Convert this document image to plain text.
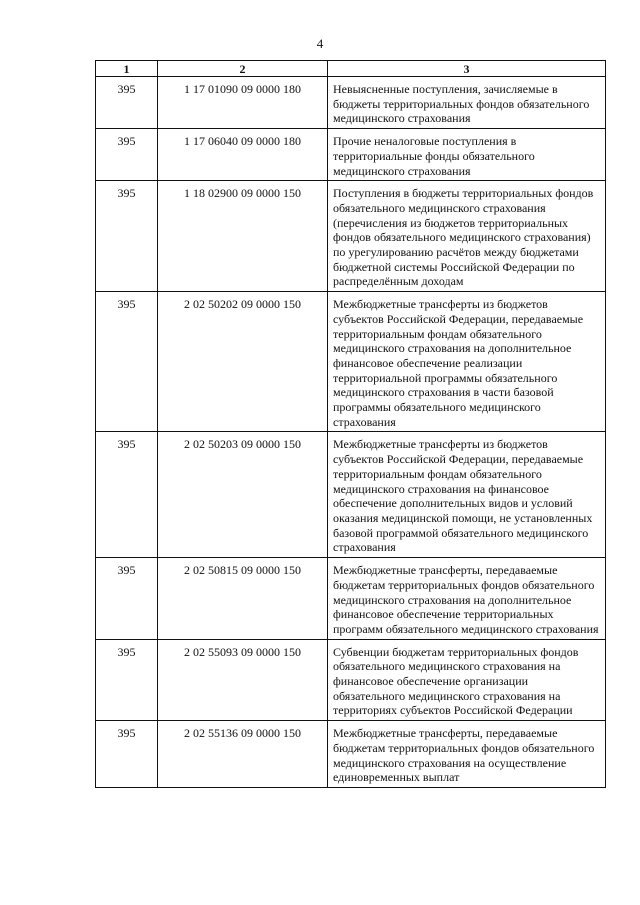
4
1	2	3
395	1 17 01090 09 0000 180	Невыясненные поступления, зачисляемые в бюджеты территориальных фондов обязательного медицинского страхования
395	1 17 06040 09 0000 180	Прочие неналоговые поступления в территориальные фонды обязательного медицинского страхования
395	1 18 02900 09 0000 150	Поступления в бюджеты территориальных фондов обязательного медицинского страхования (перечисления из бюджетов территориальных фондов обязательного медицинского страхования) по урегулированию расчётов между бюджетами бюджетной системы Российской Федерации по распределённым доходам
395	2 02 50202 09 0000 150	Межбюджетные трансферты из бюджетов субъектов Российской Федерации, передаваемые территориальным фондам обязательного медицинского страхования на дополнительное финансовое обеспечение реализации территориальной программы обязательного медицинского страхования в части базовой программы обязательного медицинского страхования
395	2 02 50203 09 0000 150	Межбюджетные трансферты из бюджетов субъектов Российской Федерации, передаваемые территориальным фондам обязательного медицинского страхования на финансовое обеспечение дополнительных видов и условий оказания медицинской помощи, не установленных базовой программой обязательного медицинского страхования
395	2 02 50815 09 0000 150	Межбюджетные трансферты, передаваемые бюджетам территориальных фондов обязательного медицинского страхования на дополнительное финансовое обеспечение территориальных программ обязательного медицинского страхования
395	2 02 55093 09 0000 150	Субвенции бюджетам территориальных фондов обязательного медицинского страхования на финансовое обеспечение организации обязательного медицинского страхования на территориях субъектов Российской Федерации
395	2 02 55136 09 0000 150	Межбюджетные трансферты, передаваемые бюджетам территориальных фондов обязательного медицинского страхования на осуществление единовременных выплат
